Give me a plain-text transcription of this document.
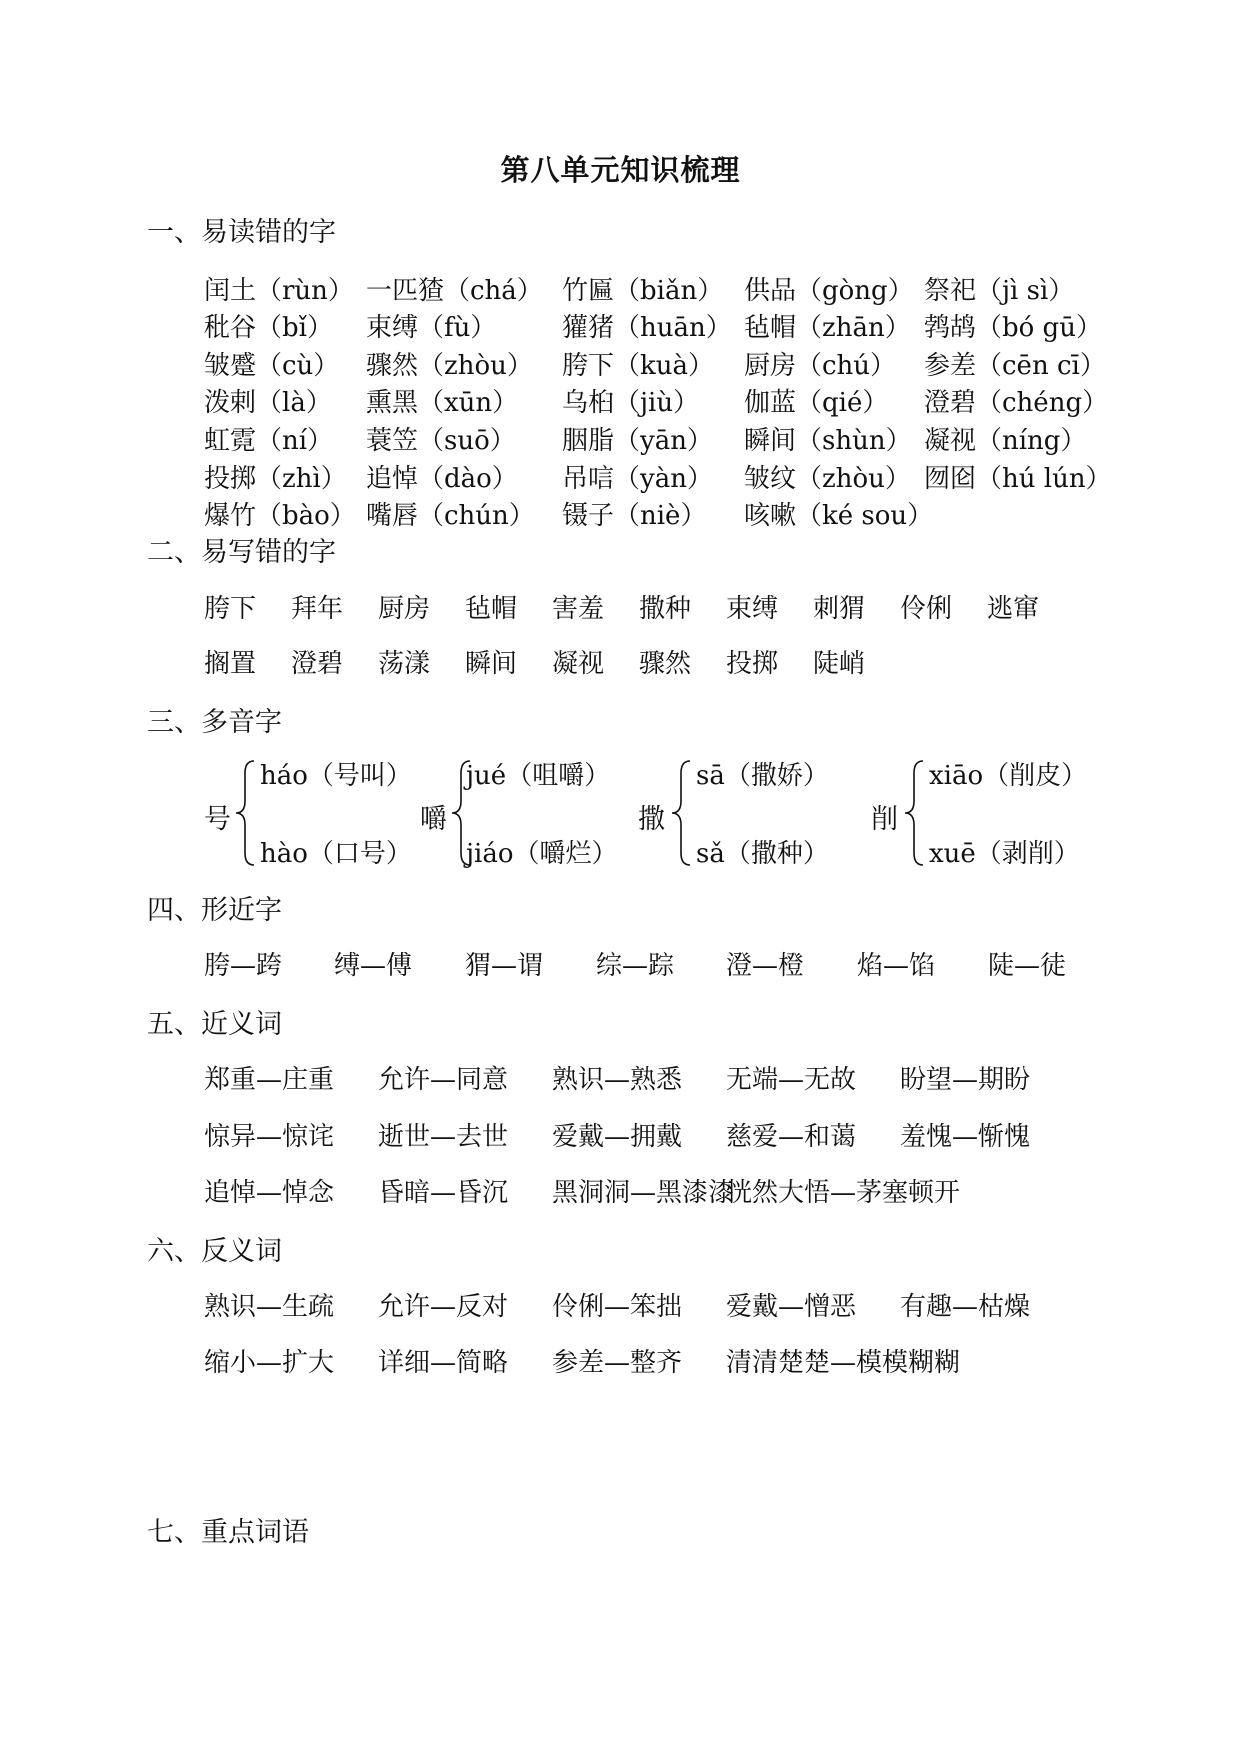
第八单元知识梳理
一、易读错的字
闰土（rùn） 一匹猹（chá） 竹匾（biǎn） 供品（gòng） 祭祀（jì sì）
秕谷（bǐ） 束缚（fù）	獾猪（huān） 毡帽（zhān） 鹁鸪（bó gū）
皱蹙（cù） 骤然（zhòu） 胯下（kuà） 厨房（chú） 参差（cēn cī）
泼剌（là） 熏黑（xūn） 乌桕（jiù） 伽蓝（qié） 澄碧（chéng）
虹霓（ní） 蓑笠（suō） 胭脂（yān） 瞬间（shùn） 凝视（níng）
投掷（zhì） 追悼（dào） 吊唁（yàn） 皱纹（zhòu） 囫囵（hú lún）
爆竹（bào） 嘴唇（chún） 镊子（niè） 咳嗽（ké sou）
二、易写错的字
胯下 拜年 厨房 毡帽 害羞 撒种 束缚 刺猬 伶俐 逃窜
搁置 澄碧 荡漾 瞬间 凝视 骤然 投掷 陡峭
三、多音字
号
háo（号叫）
hào（口号）
嚼
jué（咀嚼）
jiáo（嚼烂）
撒
sā（撒娇）
sǎ（撒种）
削
xiāo（削皮）
xuē（剥削）
四、形近字
胯—跨 缚—傅 猬—谓 综—踪 澄—橙 焰—馅 陡—徒
五、近义词
郑重—庄重 允许—同意 熟识—熟悉 无端—无故 盼望—期盼
惊异—惊诧 逝世—去世 爱戴—拥戴 慈爱—和蔼 羞愧—惭愧
追悼—悼念 昏暗—昏沉 黑洞洞—黑漆漆
恍然大悟—茅塞顿开
六、反义词
熟识—生疏 允许—反对 伶俐—笨拙 爱戴—憎恶 有趣—枯燥
缩小—扩大 详细—简略 参差—整齐 清清楚楚—模模糊糊
七、重点词语
